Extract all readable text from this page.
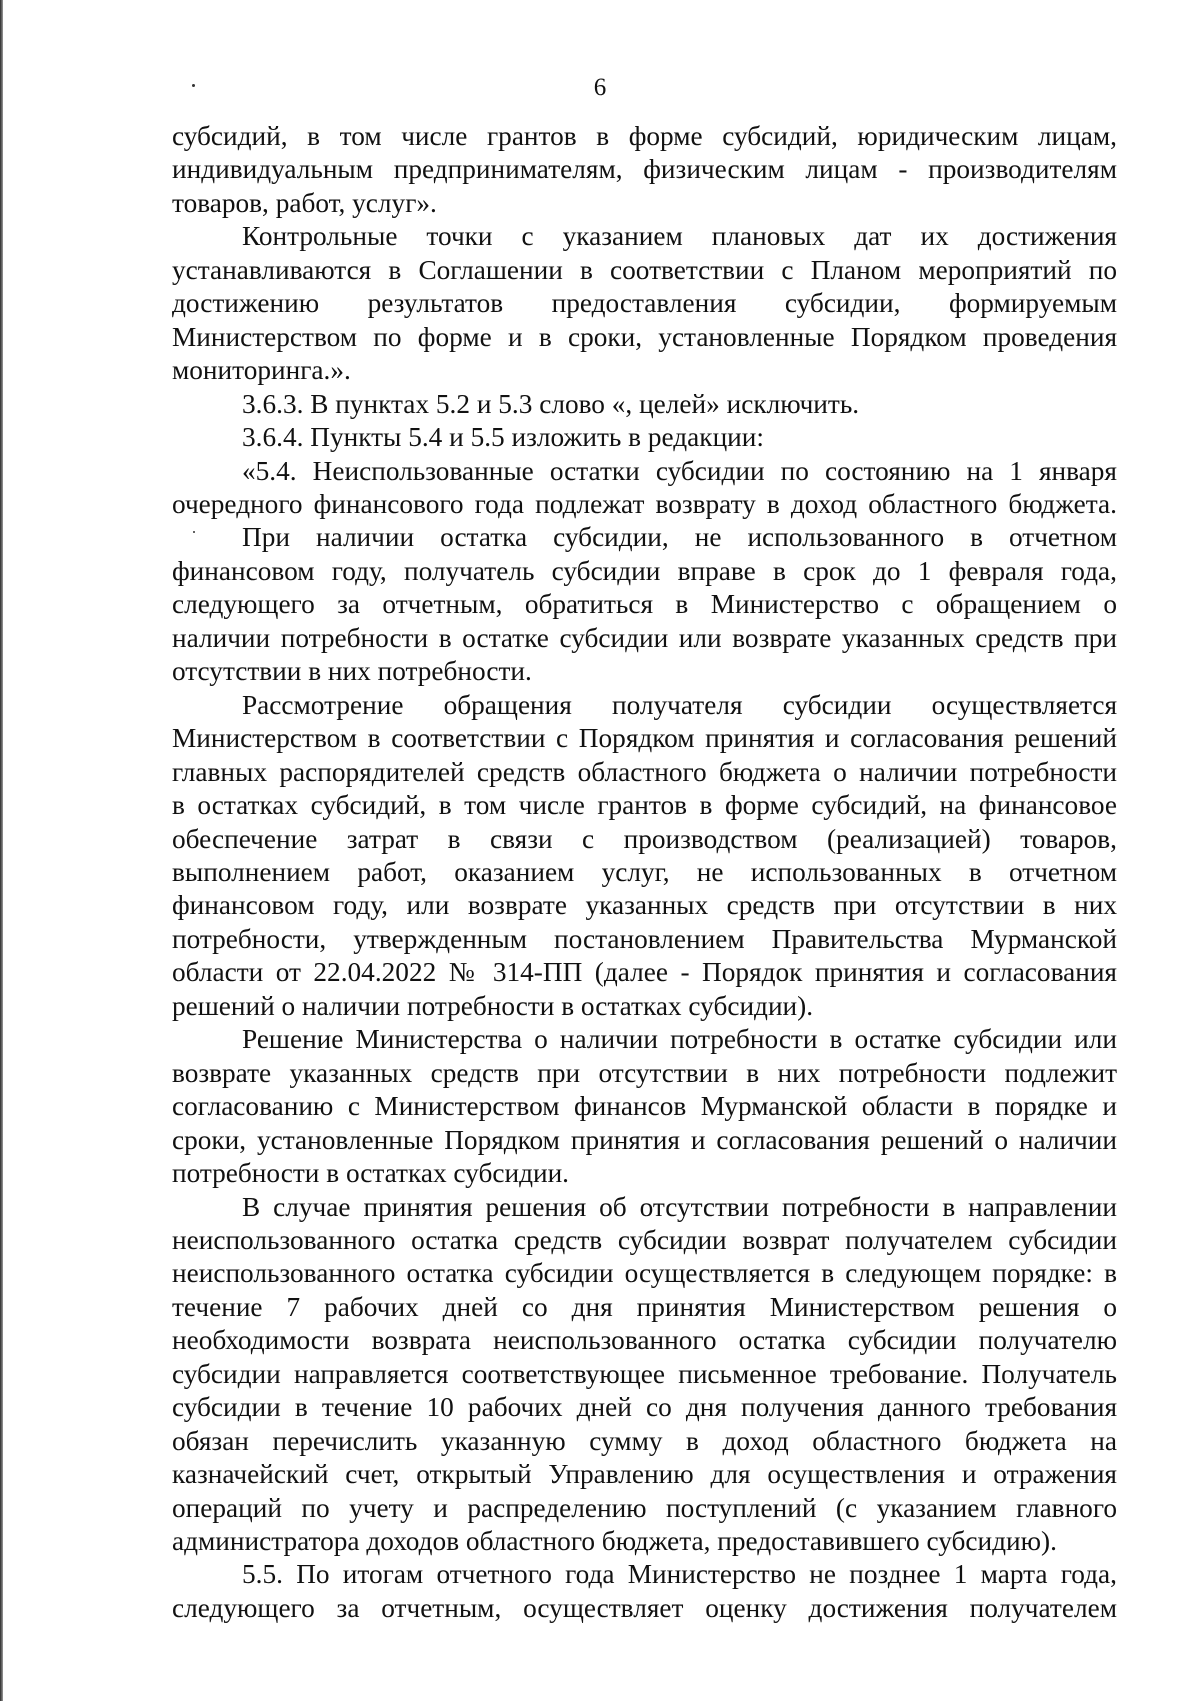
6
субсидий, в том числе грантов в форме субсидий, юридическим лицам,
индивидуальным предпринимателям, физическим лицам - производителям
товаров, работ, услуг».
Контрольные точки с указанием плановых дат их достижения
устанавливаются в Соглашении в соответствии с Планом мероприятий по
достижению результатов предоставления субсидии, формируемым
Министерством по форме и в сроки, установленные Порядком проведения
мониторинга.».
3.6.3. В пунктах 5.2 и 5.3 слово «, целей» исключить.
3.6.4. Пункты 5.4 и 5.5 изложить в редакции:
«5.4. Неиспользованные остатки субсидии по состоянию на 1 января
очередного финансового года подлежат возврату в доход областного бюджета.
При наличии остатка субсидии, не использованного в отчетном
финансовом году, получатель субсидии вправе в срок до 1 февраля года,
следующего за отчетным, обратиться в Министерство с обращением о
наличии потребности в остатке субсидии или возврате указанных средств при
отсутствии в них потребности.
Рассмотрение обращения получателя субсидии осуществляется
Министерством в соответствии с Порядком принятия и согласования решений
главных распорядителей средств областного бюджета о наличии потребности
в остатках субсидий, в том числе грантов в форме субсидий, на финансовое
обеспечение затрат в связи с производством (реализацией) товаров,
выполнением работ, оказанием услуг, не использованных в отчетном
финансовом году, или возврате указанных средств при отсутствии в них
потребности, утвержденным постановлением Правительства Мурманской
области от 22.04.2022 № 314-ПП (далее - Порядок принятия и согласования
решений о наличии потребности в остатках субсидии).
Решение Министерства о наличии потребности в остатке субсидии или
возврате указанных средств при отсутствии в них потребности подлежит
согласованию с Министерством финансов Мурманской области в порядке и
сроки, установленные Порядком принятия и согласования решений о наличии
потребности в остатках субсидии.
В случае принятия решения об отсутствии потребности в направлении
неиспользованного остатка средств субсидии возврат получателем субсидии
неиспользованного остатка субсидии осуществляется в следующем порядке: в
течение 7 рабочих дней со дня принятия Министерством решения о
необходимости возврата неиспользованного остатка субсидии получателю
субсидии направляется соответствующее письменное требование. Получатель
субсидии в течение 10 рабочих дней со дня получения данного требования
обязан перечислить указанную сумму в доход областного бюджета на
казначейский счет, открытый Управлению для осуществления и отражения
операций по учету и распределению поступлений (с указанием главного
администратора доходов областного бюджета, предоставившего субсидию).
5.5. По итогам отчетного года Министерство не позднее 1 марта года,
следующего за отчетным, осуществляет оценку достижения получателем
